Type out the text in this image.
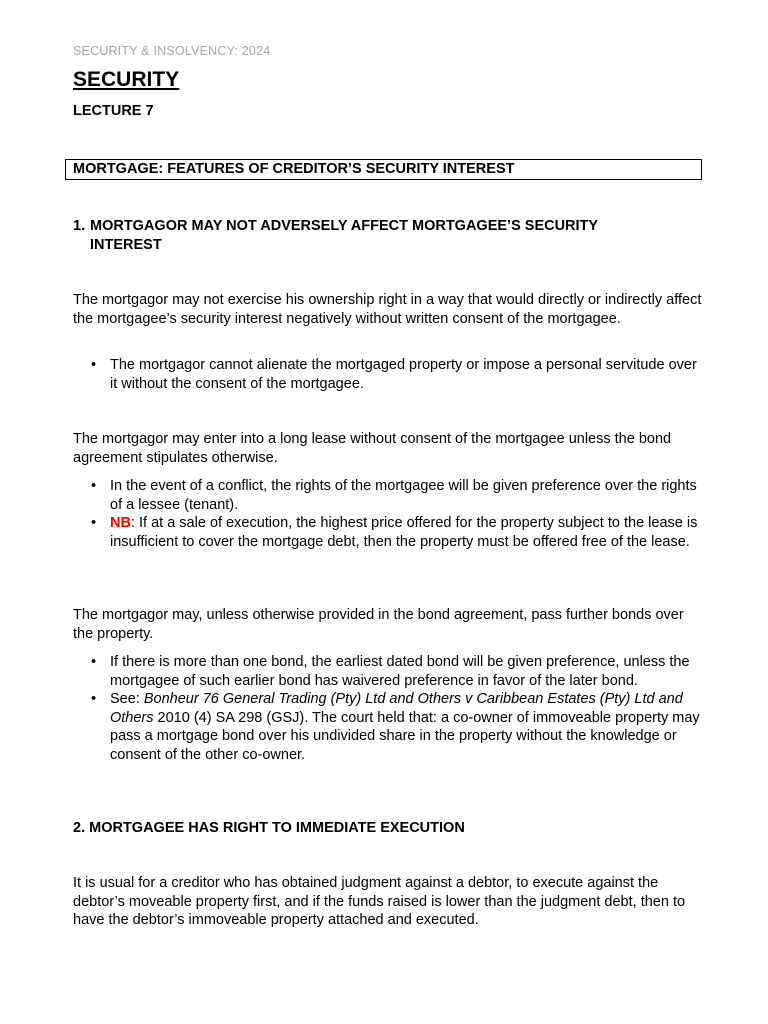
SECURITY & INSOLVENCY: 2024

SECURITY

LECTURE 7

MORTGAGE: FEATURES OF CREDITOR’S SECURITY INTEREST
1. MORTGAGOR MAY NOT ADVERSELY AFFECT MORTGAGEE’S SECURITY INTEREST

The mortgagor may not exercise his ownership right in a way that would directly or indirectly affect the mortgagee’s security interest negatively without written consent of the mortgagee.

• The mortgagor cannot alienate the mortgaged property or impose a personal servitude over it without the consent of the mortgagee.

The mortgagor may enter into a long lease without consent of the mortgagee unless the bond agreement stipulates otherwise.

• In the event of a conflict, the rights of the mortgagee will be given preference over the rights of a lessee (tenant).
• NB: If at a sale of execution, the highest price offered for the property subject to the lease is insufficient to cover the mortgage debt, then the property must be offered free of the lease.

The mortgagor may, unless otherwise provided in the bond agreement, pass further bonds over the property.

• If there is more than one bond, the earliest dated bond will be given preference, unless the mortgagee of such earlier bond has waivered preference in favor of the later bond.
• See: Bonheur 76 General Trading (Pty) Ltd and Others v Caribbean Estates (Pty) Ltd and Others 2010 (4) SA 298 (GSJ). The court held that: a co-owner of immoveable property may pass a mortgage bond over his undivided share in the property without the knowledge or consent of the other co-owner.
2. MORTGAGEE HAS RIGHT TO IMMEDIATE EXECUTION

It is usual for a creditor who has obtained judgment against a debtor, to execute against the debtor’s moveable property first, and if the funds raised is lower than the judgment debt, then to have the debtor’s immoveable property attached and executed.
